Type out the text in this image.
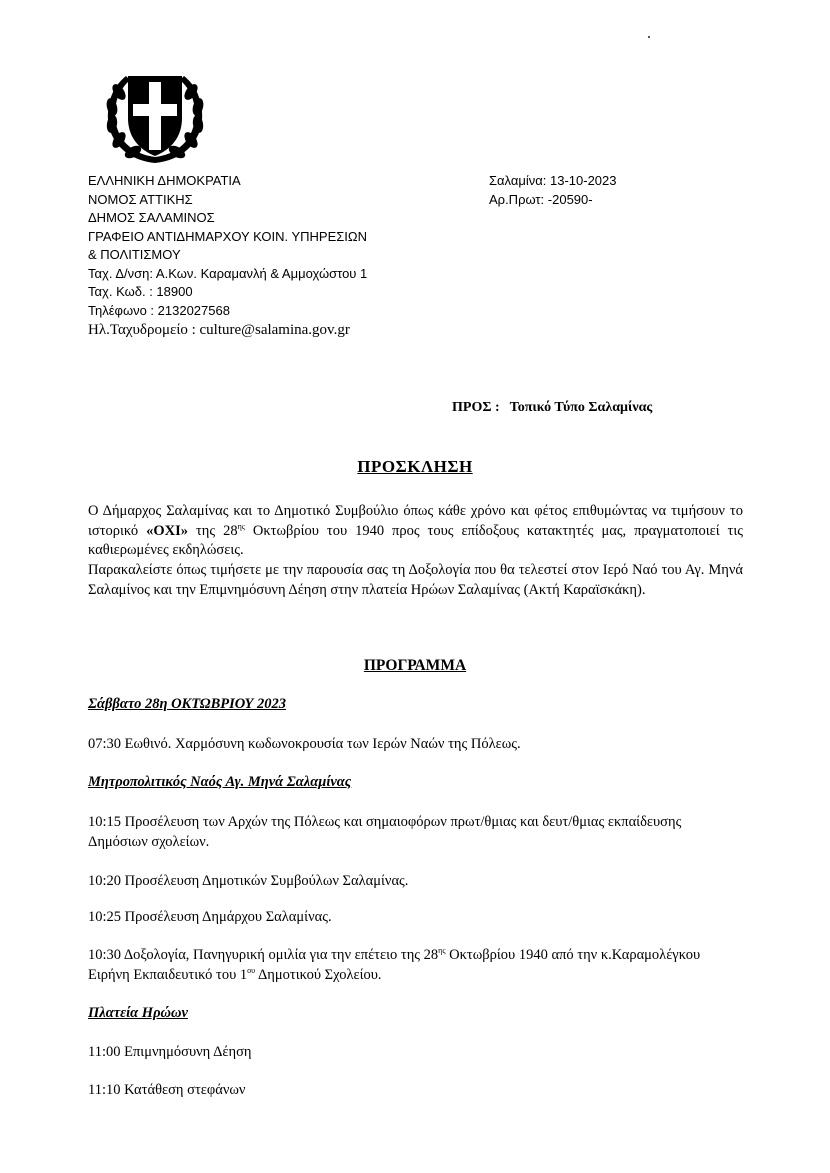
ΕΛΛΗΝΙΚΗ ΔΗΜΟΚΡΑΤΙΑ
ΝΟΜΟΣ ΑΤΤΙΚΗΣ
ΔΗΜΟΣ ΣΑΛΑΜΙΝΟΣ
ΓΡΑΦΕΙΟ ΑΝΤΙΔΗΜΑΡΧΟΥ ΚΟΙΝ. ΥΠΗΡΕΣΙΩΝ
& ΠΟΛΙΤΙΣΜΟΥ
Ταχ. Δ/νση: Α.Κων. Καραμανλή & Αμμοχώστου 1
Ταχ. Κωδ. : 18900
Τηλέφωνο : 2132027568
Ηλ.Ταχυδρομείο : culture@salamina.gov.gr
Σαλαμίνα: 13-10-2023
Αρ.Πρωτ: -20590-
ΠΡΟΣ : Τοπικό Τύπο Σαλαμίνας
ΠΡΟΣΚΛΗΣΗ

Ο Δήμαρχος Σαλαμίνας και το Δημοτικό Συμβούλιο όπως κάθε χρόνο και φέτος επιθυμώντας να τιμήσουν το ιστορικό «ΟΧΙ» της $28^{\eta\varsigma}$ Οκτωβρίου του 1940 προς τους επίδοξους κατακτητές μας, πραγματοποιεί τις καθιερωμένες εκδηλώσεις.

Παρακαλείστε όπως τιμήσετε με την παρουσία σας τη Δοξολογία που θα τελεστεί στον Ιερό Ναό του Αγ. Μηνά Σαλαμίνος και την Επιμνημόσυνη Δέηση στην πλατεία Ηρώων Σαλαμίνας (Ακτή Καραϊσκάκη).

ΠΡΟΓΡΑΜΜΑ
Σάββατο 28η ΟΚΤΩΒΡΙΟΥ 2023
07:30 Εωθινό. Χαρμόσυνη κωδωνοκρουσία των Ιερών Ναών της Πόλεως.
Μητροπολιτικός Ναός Αγ. Μηνά Σαλαμίνας
10:15 Προσέλευση των Αρχών της Πόλεως και σημαιοφόρων πρωτ/θμιας και δευτ/θμιας εκπαίδευσης Δημόσιων σχολείων.
10:20 Προσέλευση Δημοτικών Συμβούλων Σαλαμίνας.
10:25 Προσέλευση Δημάρχου Σαλαμίνας.
10:30 Δοξολογία, Πανηγυρική ομιλία για την επέτειο της $28^{\eta\varsigma}$ Οκτωβρίου 1940 από την κ.Καραμολέγκου Ειρήνη Εκπαιδευτικό του $1^{o\upsilon}$ Δημοτικού Σχολείου.
Πλατεία Ηρώων
11:00 Επιμνημόσυνη Δέηση
11:10 Κατάθεση στεφάνων
